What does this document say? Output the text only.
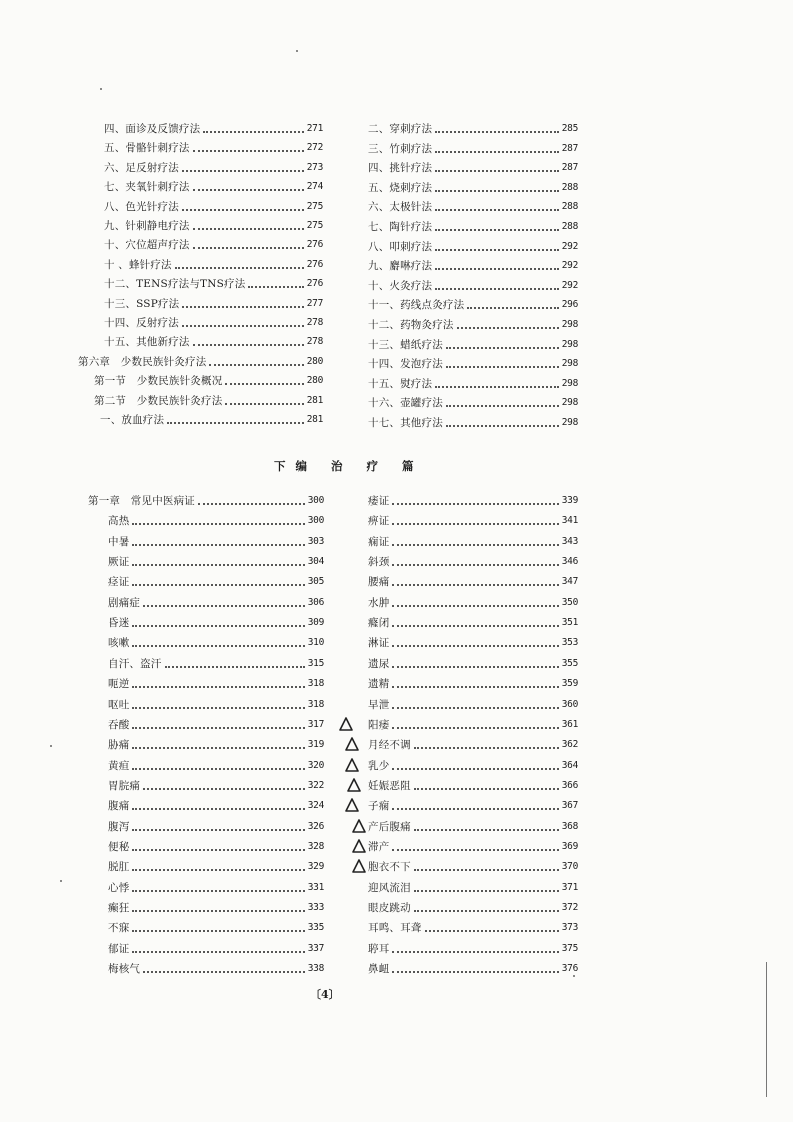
四、面诊及反馈疗法	271
五、骨骼针刺疗法	272
六、足反射疗法	273
七、夹氧针刺疗法	274
八、色光针疗法	275
九、针刺静电疗法	275
十、穴位超声疗法	276
十 、蜂针疗法	276
十二、TENS疗法与TNS疗法	276
十三、SSP疗法	277
十四、反射疗法	278
十五、其他新疗法	278
第六章　少数民族针灸疗法	280
第一节　少数民族针灸概况	280
第二节　少数民族针灸疗法	281
一、放血疗法	281
二、穿刺疗法	285
三、竹刺疗法	287
四、挑针疗法	287
五、烧刺疗法	288
六、太极针法	288
七、陶针疗法	288
八、叩刺疗法	292
九、麝啉疗法	292
十、火灸疗法	292
十一、药线点灸疗法	296
十二、药物灸疗法	298
十三、蜡纸疗法	298
十四、发泡疗法	298
十五、熨疗法	298
十六、壶罐疗法	298
十七、其他疗法	298
下编 治 疗 篇
第一章　常见中医病证	300
高热	300
中暑	303
厥证	304
痉证	305
剧痛症	306
昏迷	309
咳嗽	310
自汗、盗汗	315
呃逆	318
呕吐	318
吞酸	317
胁痛	319
黄疸	320
胃脘痛	322
腹痛	324
腹泻	326
便秘	328
脱肛	329
心悸	331
癫狂	333
不寐	335
郁证	337
梅核气	338
痿证	339
痹证	341
痫证	343
斜颈	346
腰痛	347
水肿	350
癃闭	351
淋证	353
遗尿	355
遗精	359
早泄	360
阳痿	361
月经不调	362
乳少	364
妊娠恶阻	366
子痫	367
产后腹痛	368
滞产	369
胞衣不下	370
迎风流泪	371
眼皮跳动	372
耳鸣、耳聋	373
聤耳	375
鼻衄	376
〔4〕
